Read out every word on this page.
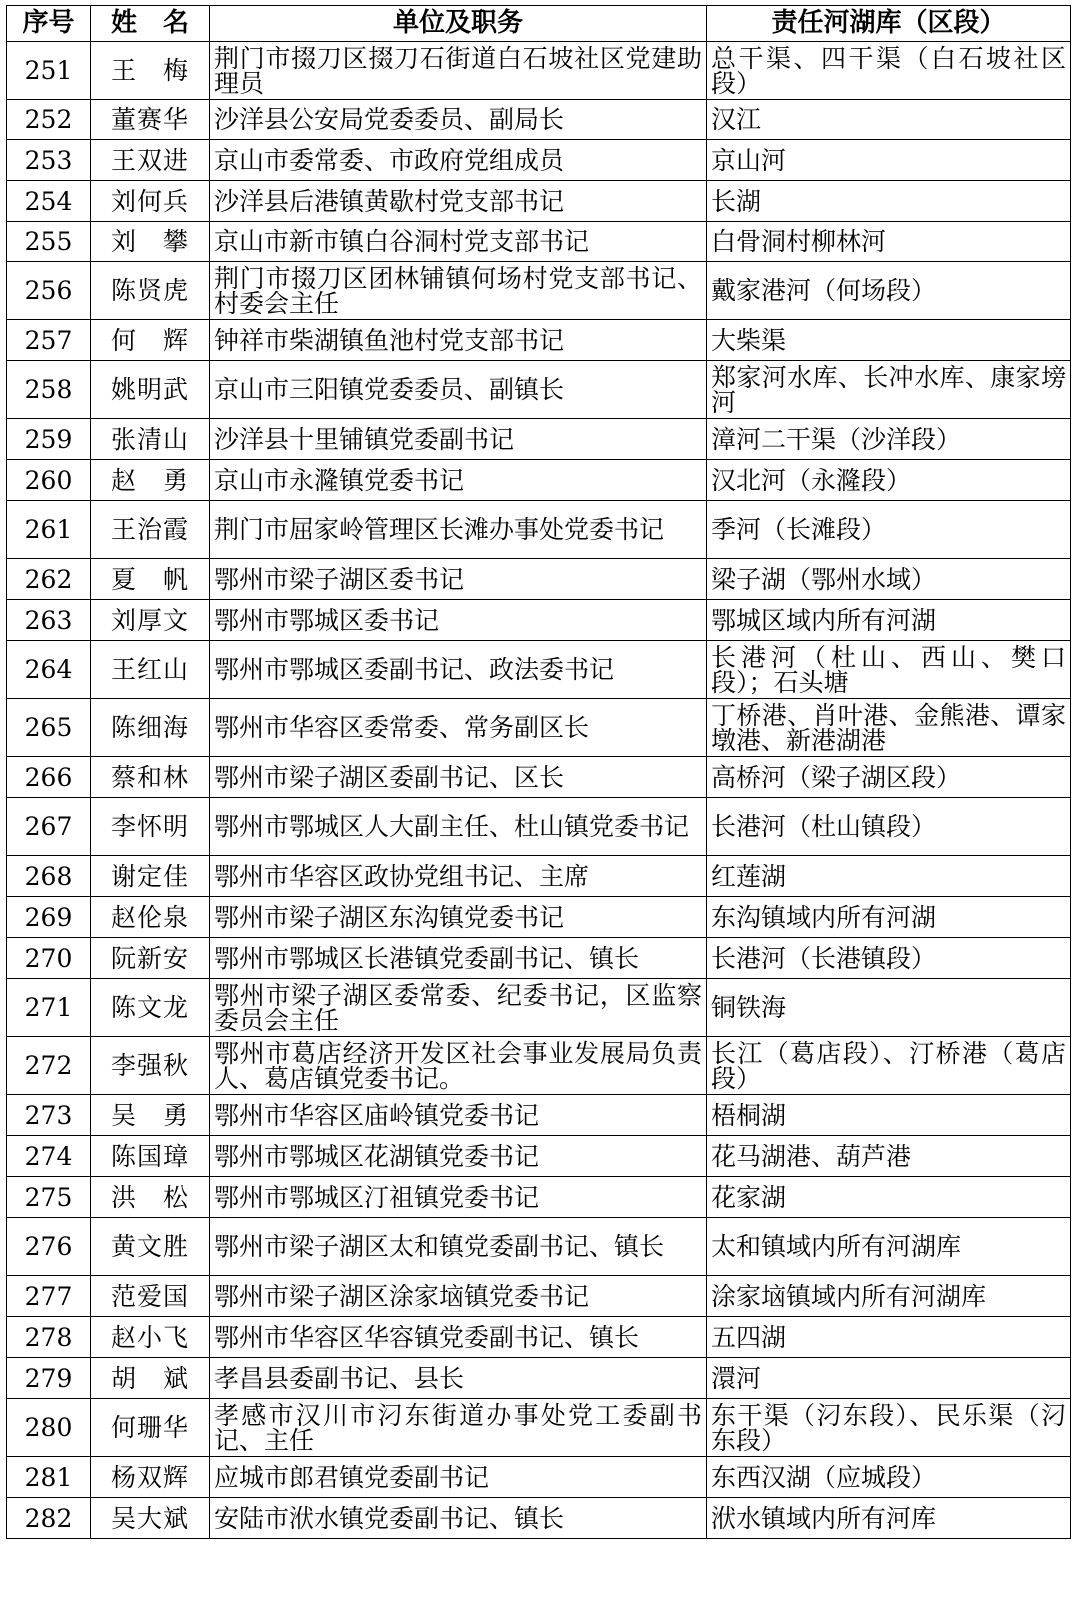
序号	姓　名	单位及职务	责任河湖库（区段）
251	王　梅	荆门市掇刀区掇刀石街道白石坡社区党建助理员	总干渠、四干渠（白石坡社区段）
252	董赛华	沙洋县公安局党委委员、副局长	汉江
253	王双进	京山市委常委、市政府党组成员	京山河
254	刘何兵	沙洋县后港镇黄歇村党支部书记	长湖
255	刘　攀	京山市新市镇白谷洞村党支部书记	白骨洞村柳林河
256	陈贤虎	荆门市掇刀区团林铺镇何场村党支部书记、村委会主任	戴家港河（何场段）
257	何　辉	钟祥市柴湖镇鱼池村党支部书记	大柴渠
258	姚明武	京山市三阳镇党委委员、副镇长	郑家河水库、长冲水库、康家塝河
259	张清山	沙洋县十里铺镇党委副书记	漳河二干渠（沙洋段）
260	赵　勇	京山市永漋镇党委书记	汉北河（永漋段）
261	王治霞	荆门市屈家岭管理区长滩办事处党委书记	季河（长滩段）
262	夏　帆	鄂州市梁子湖区委书记	梁子湖（鄂州水域）
263	刘厚文	鄂州市鄂城区委书记	鄂城区域内所有河湖
264	王红山	鄂州市鄂城区委副书记、政法委书记	长港河（杜山、西山、樊口段）；石头塘
265	陈细海	鄂州市华容区委常委、常务副区长	丁桥港、肖叶港、金熊港、谭家墩港、新港湖港
266	蔡和林	鄂州市梁子湖区委副书记、区长	高桥河（梁子湖区段）
267	李怀明	鄂州市鄂城区人大副主任、杜山镇党委书记	长港河（杜山镇段）
268	谢定佳	鄂州市华容区政协党组书记、主席	红莲湖
269	赵伦泉	鄂州市梁子湖区东沟镇党委书记	东沟镇域内所有河湖
270	阮新安	鄂州市鄂城区长港镇党委副书记、镇长	长港河（长港镇段）
271	陈文龙	鄂州市梁子湖区委常委、纪委书记，区监察委员会主任	铜铁海
272	李强秋	鄂州市葛店经济开发区社会事业发展局负责人、葛店镇党委书记。	长江（葛店段）、汀桥港（葛店段）
273	吴　勇	鄂州市华容区庙岭镇党委书记	梧桐湖
274	陈国璋	鄂州市鄂城区花湖镇党委书记	花马湖港、葫芦港
275	洪　松	鄂州市鄂城区汀祖镇党委书记	花家湖
276	黄文胜	鄂州市梁子湖区太和镇党委副书记、镇长	太和镇域内所有河湖库
277	范爱国	鄂州市梁子湖区涂家垴镇党委书记	涂家垴镇域内所有河湖库
278	赵小飞	鄂州市华容区华容镇党委副书记、镇长	五四湖
279	胡　斌	孝昌县委副书记、县长	澴河
280	何珊华	孝感市汉川市汈东街道办事处党工委副书记、主任	东干渠（汈东段）、民乐渠（汈东段）
281	杨双辉	应城市郎君镇党委副书记	东西汉湖（应城段）
282	吴大斌	安陆市洑水镇党委副书记、镇长	洑水镇域内所有河库
